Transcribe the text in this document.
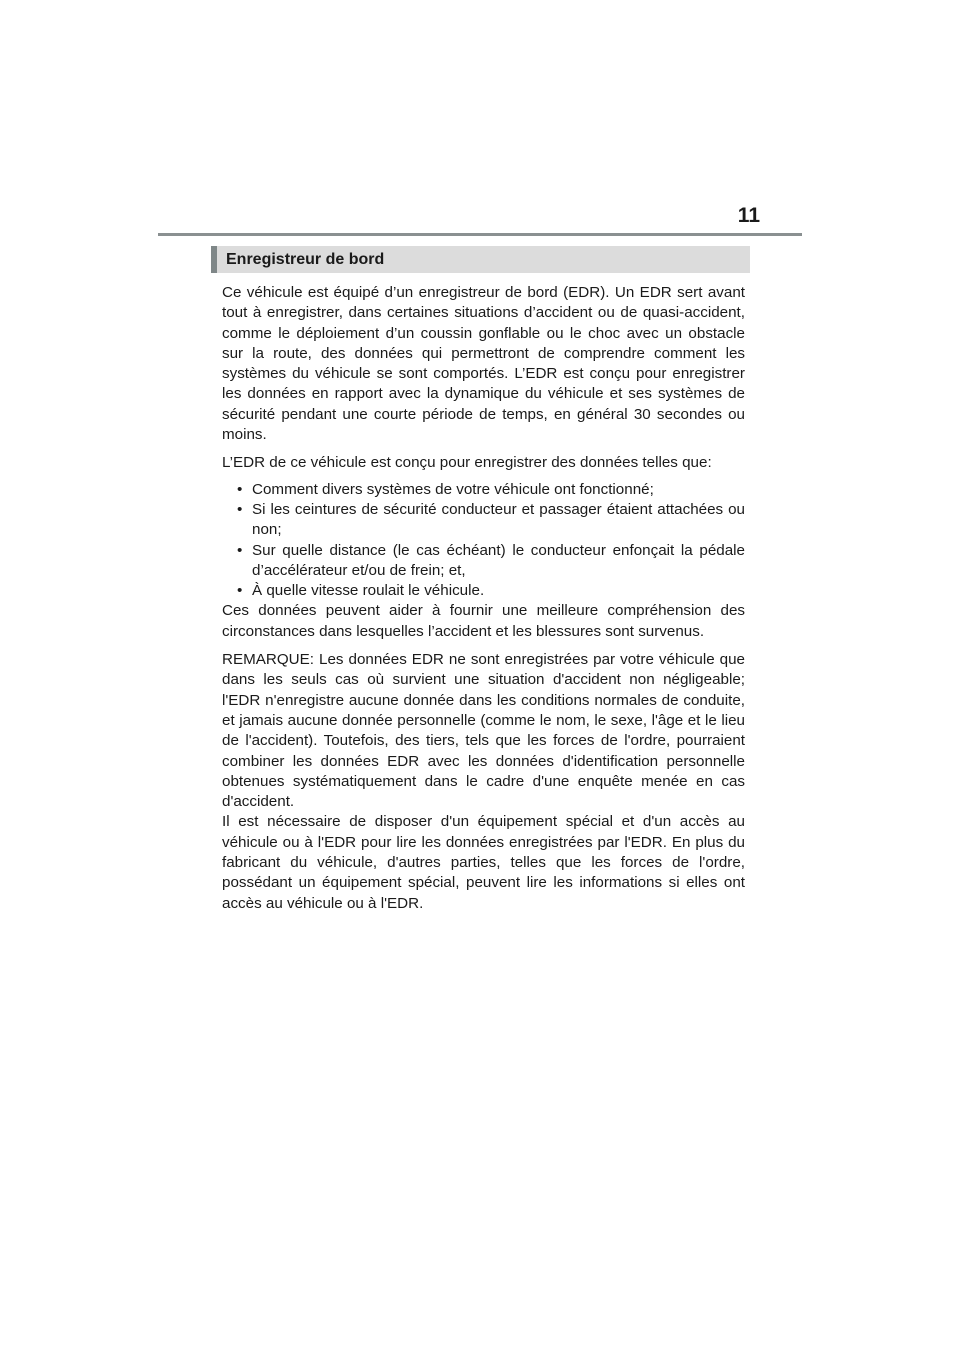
11
Enregistreur de bord

Ce véhicule est équipé d’un enregistreur de bord (EDR). Un EDR sert avant tout à enregistrer, dans certaines situations d’accident ou de quasi-accident, comme le déploiement d’un coussin gonflable ou le choc avec un obstacle sur la route, des données qui permettront de comprendre comment les systèmes du véhicule se sont comportés. L’EDR est conçu pour enregistrer les données en rapport avec la dynamique du véhicule et ses systèmes de sécurité pendant une courte période de temps, en général 30 secondes ou moins.

L’EDR de ce véhicule est conçu pour enregistrer des données telles que:

• Comment divers systèmes de votre véhicule ont fonctionné;
• Si les ceintures de sécurité conducteur et passager étaient attachées ou non;
• Sur quelle distance (le cas échéant) le conducteur enfonçait la pédale d’accélérateur et/ou de frein; et,
• À quelle vitesse roulait le véhicule.

Ces données peuvent aider à fournir une meilleure compréhension des circonstances dans lesquelles l’accident et les blessures sont survenus.

REMARQUE: Les données EDR ne sont enregistrées par votre véhicule que dans les seuls cas où survient une situation d'accident non négligeable; l'EDR n'enregistre aucune donnée dans les conditions normales de conduite, et jamais aucune donnée personnelle (comme le nom, le sexe, l'âge et le lieu de l'accident). Toutefois, des tiers, tels que les forces de l'ordre, pourraient combiner les données EDR avec les données d'identification personnelle obtenues systématiquement dans le cadre d'une enquête menée en cas d'accident.

Il est nécessaire de disposer d'un équipement spécial et d'un accès au véhicule ou à l'EDR pour lire les données enregistrées par l'EDR. En plus du fabricant du véhicule, d'autres parties, telles que les forces de l'ordre, possédant un équipement spécial, peuvent lire les informations si elles ont accès au véhicule ou à l'EDR.
